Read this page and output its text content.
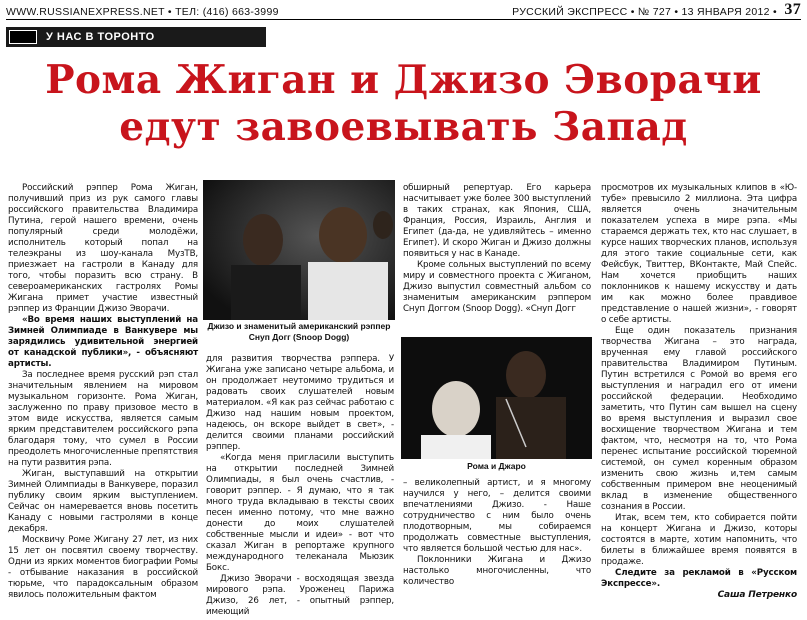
WWW.RUSSIANEXPRESS.NET • ТЕЛ: (416) 663-3999	РУССКИЙ ЭКСПРЕСС • № 727 • 13 ЯНВАРЯ 2012 • 37
У НАС В ТОРОНТО
Рома Жиган и Джизо Эворачи
едут завоевывать Запад

Российский рэппер Рома Жиган, получивший приз из рук самого главы российского правительства Владимира Путина, герой нашего времени, очень популярный среди молодёжи, исполнитель который попал на телеэкраны из шоу-канала МузТВ, приезжает на гастроли в Канаду для того, чтобы поразить всю страну. В североамериканских гастролях Ромы Жигана примет участие известный рэппер из Франции Джизо Эворачи.

«Во время наших выступлений на Зимней Олимпиаде в Ванкувере мы зарядились удивительной энергией от канадской публики», - объясняют артисты.

За последнее время русский рэп стал значительным явлением на мировом музыкальном горизонте. Рома Жиган, заслуженно по праву призовое место в этом виде искусства, является самым ярким представителем российского рэпа благодаря тому, что сумел в России преодолеть многочисленные препятствия на пути развития рэпа.

Жиган, выступавший на открытии Зимней Олимпиады в Ванкувере, поразил публику своим ярким выступлением. Сейчас он намеревается вновь посетить Канаду с новыми гастролями в конце декабря.

Москвичу Роме Жигану 27 лет, из них 15 лет он посвятил своему творчеству. Одни из ярких моментов биографии Ромы - отбывание наказания в российской тюрьме, что парадоксальным образом явилось положительным фактом

Джизо и знаменитый американский рэппер Снуп Догг (Snoop Dogg)

для развития творчества рэппера. У Жигана уже записано четыре альбома, и он продолжает неутомимо трудиться и радовать своих слушателей новым материалом. «Я как раз сейчас работаю с Джизо над нашим новым проектом, надеюсь, он вскоре выйдет в свет», - делится своими планами российский рэппер.

«Когда меня пригласили выступить на открытии последней Зимней Олимпиады, я был очень счастлив, - говорит рэппер. - Я думаю, что я так много труда вкладываю в тексты своих песен именно потому, что мне важно донести до моих слушателей собственные мысли и идеи» - вот что сказал Жиган в репортаже крупного международного телеканала Мьюзик Бокс.

Джизо Эворачи - восходящая звезда мирового рэпа. Уроженец Парижа Джизо, 26 лет, - опытный рэппер, имеющий

обширный репертуар. Его карьера насчитывает уже более 300 выступлений в таких странах, как Япония, США, Франция, Россия, Израиль, Англия и Египет (да-да, не удивляйтесь – именно Египет). И скоро Жиган и Джизо должны появиться у нас в Канаде.

Кроме сольных выступлений по всему миру и совместного проекта с Жиганом, Джизо выпустил совместный альбом со знаменитым американским рэппером Снуп Доггом (Snoop Dogg). «Снуп Догг

Рома и Джаро

– великолепный артист, и я многому научился у него, – делится своими впечатлениями Джизо. - Наше сотрудничество с ним было очень плодотворным, мы собираемся продолжать совместные выступления, что является большой честью для нас».

Поклонники Жигана и Джизо настолько многочисленны, что количество

просмотров их музыкальных клипов в «Ю-тубе» превысило 2 миллиона. Эта цифра является очень значительным показателем успеха в мире рэпа. «Мы стараемся держать тех, кто нас слушает, в курсе наших творческих планов, используя для этого такие социальные сети, как Фейсбук, Твиттер, ВКонтакте, Май Спейс. Нам хочется приобщить наших поклонников к нашему искусству и дать им как можно более правдивое представление о нашей жизни», - говорят о себе артисты.

Еще один показатель признания творчества Жигана – это награда, врученная ему главой российского правительства Владимиром Путиным. Путин встретился с Ромой во время его выступления и наградил его от имени российской федерации. Необходимо заметить, что Путин сам вышел на сцену во время выступления и выразил свое восхищение творчеством Жигана и тем фактом, что, несмотря на то, что Рома перенес испытание российской тюремной системой, он сумел коренным образом изменить свою жизнь и,тем самым собственным примером вне неоценимый вклад в изменение общественного сознания в России.

Итак, всем тем, кто собирается пойти на концерт Жигана и Джизо, которы состоятся в марте, хотим напомнить, что билеты в ближайшее время появятся в продаже.

Следите за рекламой в «Русском Экспрессе».

Саша Петренко
